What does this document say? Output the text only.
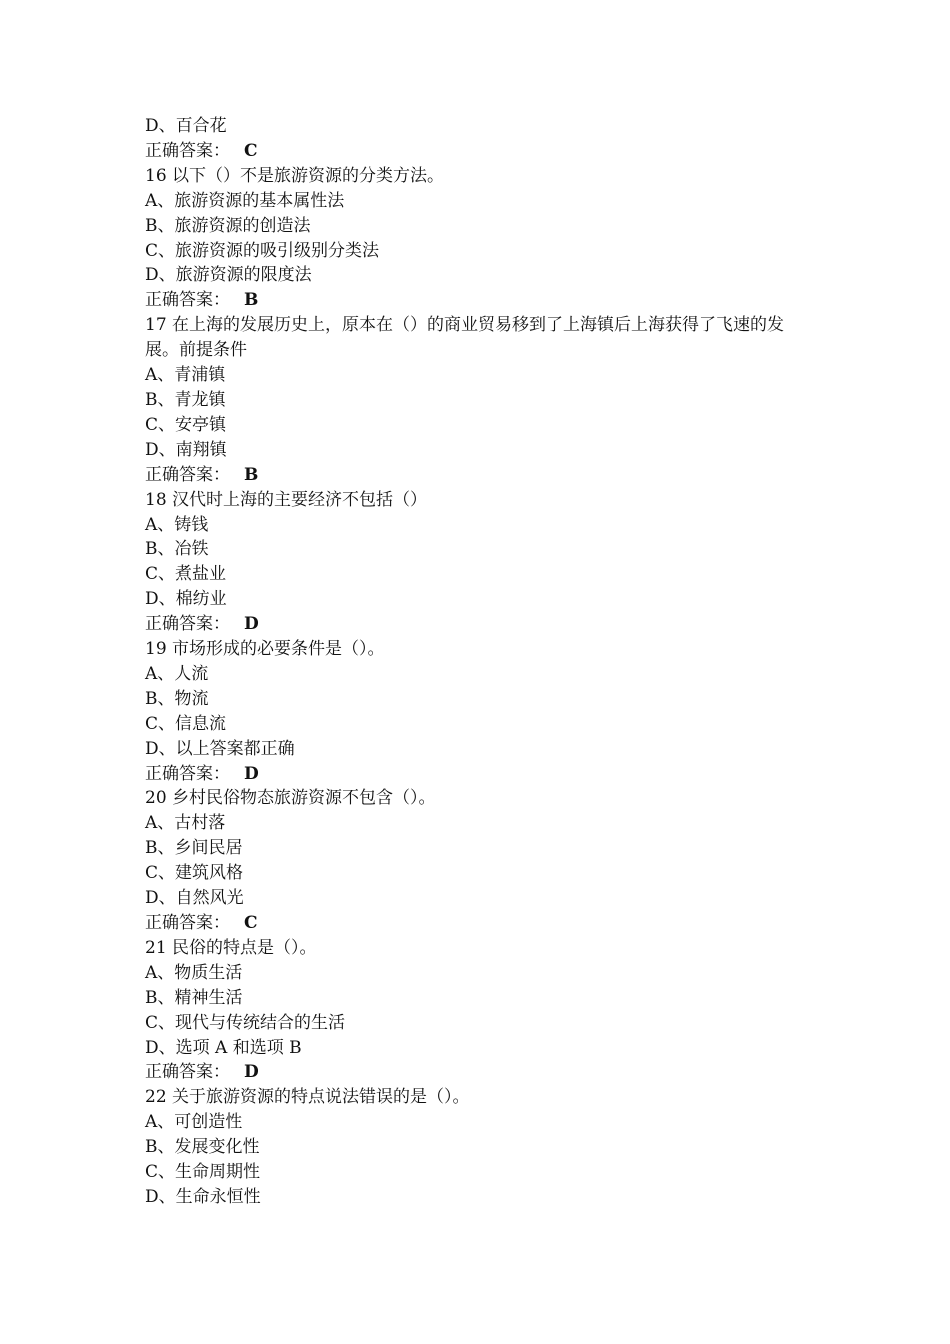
D、百合花
正确答案： C
16 以下（）不是旅游资源的分类方法。
A、旅游资源的基本属性法
B、旅游资源的创造法
C、旅游资源的吸引级别分类法
D、旅游资源的限度法
正确答案： B
17 在上海的发展历史上，原本在（）的商业贸易移到了上海镇后上海获得了飞速的发展。前提条件
A、青浦镇
B、青龙镇
C、安亭镇
D、南翔镇
正确答案： B
18 汉代时上海的主要经济不包括（）
A、铸钱
B、冶铁
C、煮盐业
D、棉纺业
正确答案： D
19 市场形成的必要条件是（）。
A、人流
B、物流
C、信息流
D、以上答案都正确
正确答案： D
20 乡村民俗物态旅游资源不包含（）。
A、古村落
B、乡间民居
C、建筑风格
D、自然风光
正确答案： C
21 民俗的特点是（）。
A、物质生活
B、精神生活
C、现代与传统结合的生活
D、选项 A 和选项 B
正确答案： D
22 关于旅游资源的特点说法错误的是（）。
A、可创造性
B、发展变化性
C、生命周期性
D、生命永恒性
